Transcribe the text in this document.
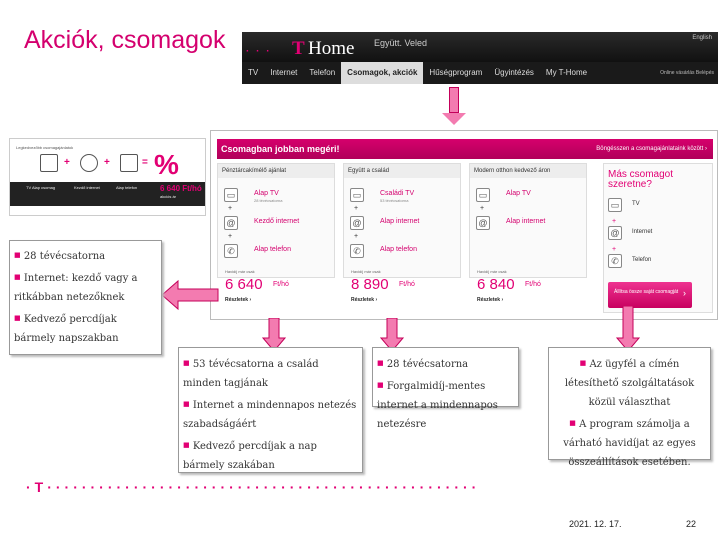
Akciók, csomagok · · · T Home Együtt. Veled	English
TV	Internet	Telefon	Csomagok, akciók	Hűségprogram	Ügyintézés	My T-Home	Online vásárlás Belépés
Legkedvezőbb csomagajánlatok
+	+	= %
TV Alap csomag	Kezdő internet	Alap telefon	6 640 Ft/hó
akciós ár
Csomagban jobban megéri!	Böngésszen a csomagajánlataink között ›
Pénztárcakímélő ajánlat
▭	Alap TV
28 tévécsatorna
+
@	Kezdő internet
+
✆	Alap telefon
Havidíj már csak
6 640 Ft/hó
Részletek ›
Együtt a család
▭	Családi TV
53 tévécsatorna
+
@	Alap internet
+
✆	Alap telefon
Havidíj már csak
8 890 Ft/hó
Részletek ›
Modern otthon kedvező áron
▭	Alap TV
+
@	Alap internet
Havidíj már csak
6 840 Ft/hó
Részletek ›
Más csomagot szeretne?
▭	TV
+
@	Internet
+
✆	Telefon
Állítsa össze saját csomagját ›

■ 28 tévécsatorna

■ Internet: kezdő vagy a ritkábban netezőknek

■ Kedvező percdíjak bármely napszakban

■ 53 tévécsatorna a család minden tagjának

■ Internet a mindennapos netezés szabadságáért

■ Kedvező percdíjak a nap bármely szakában

■ 28 tévécsatorna

■ Forgalmidíj-mentes internet a mindennapos netezésre

■ Az ügyfél a címén létesíthető szolgáltatások közül választhat

■ A program számolja a várható havidíjat az egyes összeállítások esetében.

·T··················································
2021. 12. 17.	22
